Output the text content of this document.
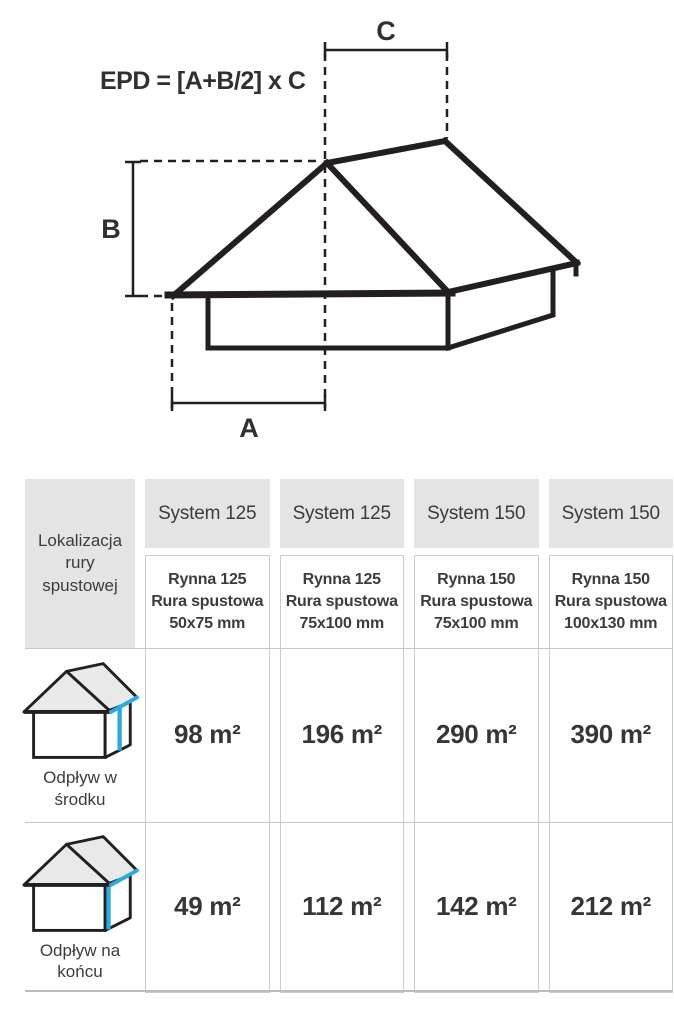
EPD = [A+B/2] x C
C
B
A
Lokalizacja rury spustowej
Odpływ w
środku
Odpływ na
końcu
System 125
Rynna 125
Rura spustowa
50x75 mm
98 m²
49 m²
System 125
Rynna 125
Rura spustowa
75x100 mm
196 m²
112 m²
System 150
Rynna 150
Rura spustowa
75x100 mm
290 m²
142 m²
System 150
Rynna 150
Rura spustowa
100x130 mm
390 m²
212 m²
